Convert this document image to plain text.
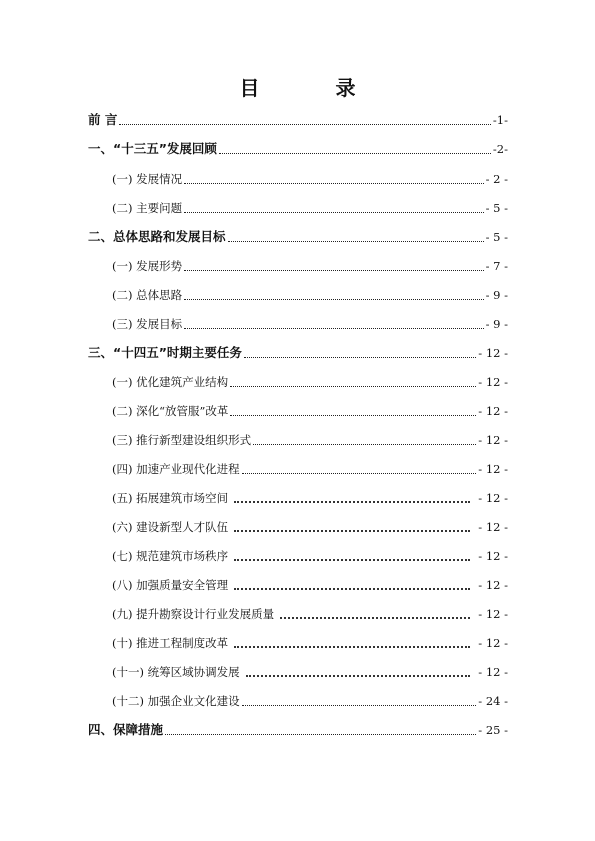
目　录
前 言	-1-
一、“十三五”发展回顾	-2-
(一) 发展情况	- 2 -
(二) 主要问题	- 5 -
二、总体思路和发展目标	- 5 -
(一) 发展形势	- 7 -
(二) 总体思路	- 9 -
(三) 发展目标	- 9 -
三、“十四五”时期主要任务	- 12 -
(一) 优化建筑产业结构	- 12 -
(二) 深化“放管服”改革	- 12 -
(三) 推行新型建设组织形式	- 12 -
(四) 加速产业现代化进程	- 12 -
(五) 拓展建筑市场空间	- 12 -
(六) 建设新型人才队伍	- 12 -
(七) 规范建筑市场秩序	- 12 -
(八) 加强质量安全管理	- 12 -
(九) 提升勘察设计行业发展质量	- 12 -
(十) 推进工程制度改革	- 12 -
(十一) 统筹区域协调发展	- 12 -
(十二) 加强企业文化建设	- 24 -
四、保障措施	- 25 -
